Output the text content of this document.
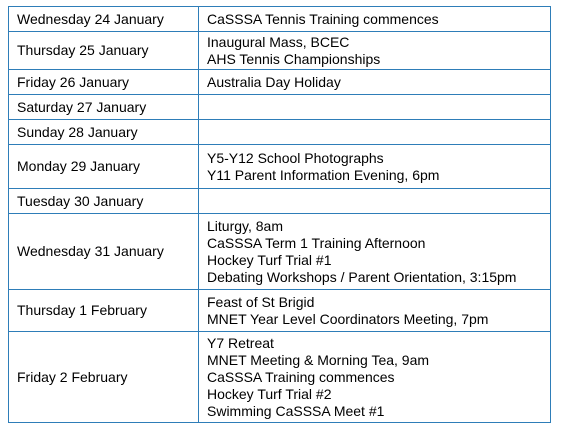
Wednesday 24 January	CaSSSA Tennis Training commences

Thursday 25 January	Inaugural Mass, BCEC
AHS Tennis Championships

Friday 26 January	Australia Day Holiday

Saturday 27 January	
Sunday 28 January	
Monday 29 January	Y5-Y12 School Photographs
Y11 Parent Information Evening, 6pm

Tuesday 30 January	
Wednesday 31 January	Liturgy, 8am
CaSSSA Term 1 Training Afternoon
Hockey Turf Trial #1
Debating Workshops / Parent Orientation, 3:15pm

Thursday 1 February	Feast of St Brigid
MNET Year Level Coordinators Meeting, 7pm

Friday 2 February	Y7 Retreat
MNET Meeting & Morning Tea, 9am
CaSSSA Training commences
Hockey Turf Trial #2
Swimming CaSSSA Meet #1
